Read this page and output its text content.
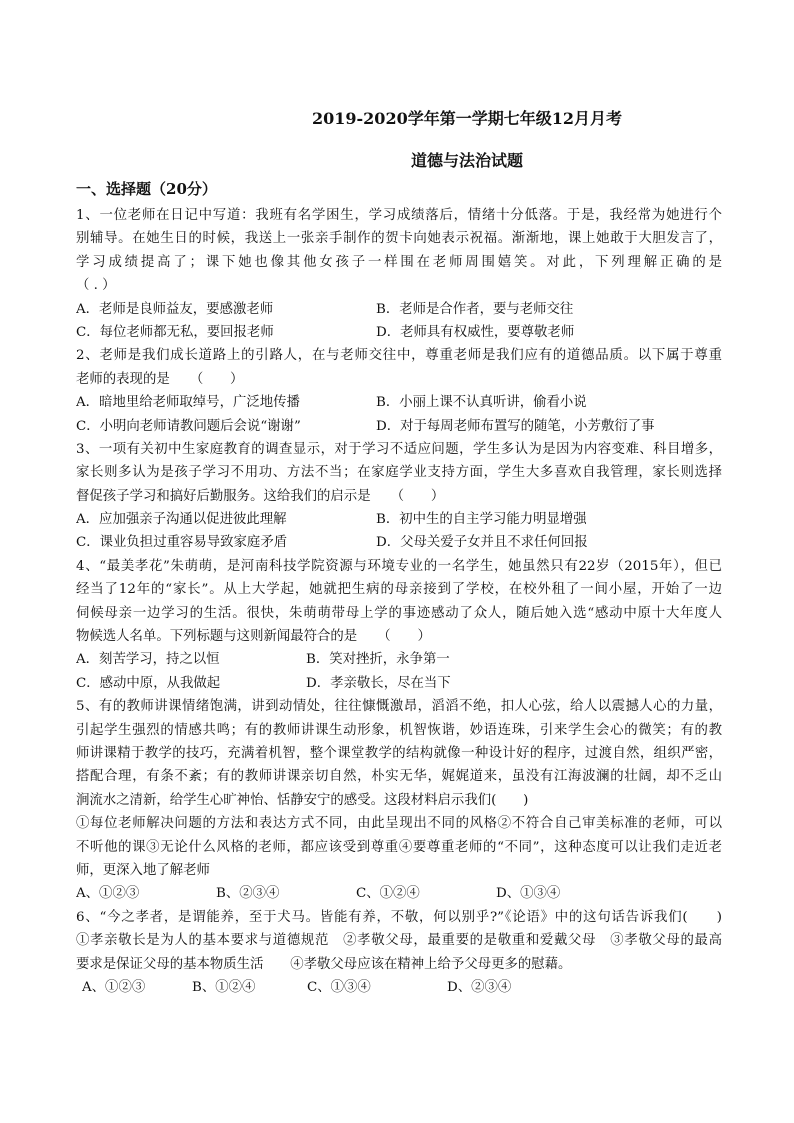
2019-2020学年第一学期七年级12月月考
道德与法治试题
一、选择题（20分）
1、一位老师在日记中写道：我班有名学困生，学习成绩落后，情绪十分低落。于是，我经常为她进行个
别辅导。在她生日的时候，我送上一张亲手制作的贺卡向她表示祝福。渐渐地，课上她敢于大胆发言了，
学习成绩提高了；课下她也像其他女孩子一样围在老师周围嬉笑。对此，下列理解正确的是
（ . ）
A．老师是良师益友，要感激老师	B．老师是合作者，要与老师交往
C．每位老师都无私，要回报老师	D．老师具有权威性，要尊敬老师
2、老师是我们成长道路上的引路人，在与老师交往中，尊重老师是我们应有的道德品质。以下属于尊重
老师的表现的是　　（　　）
A．暗地里给老师取绰号，广泛地传播	B．小丽上课不认真听讲，偷看小说
C．小明向老师请教问题后会说“谢谢”	D．对于每周老师布置写的随笔，小芳敷衍了事
3、一项有关初中生家庭教育的调查显示，对于学习不适应问题，学生多认为是因为内容变难、科目增多，
家长则多认为是孩子学习不用功、方法不当；在家庭学业支持方面，学生大多喜欢自我管理，家长则选择
督促孩子学习和搞好后勤服务。这给我们的启示是　　（　　）
A．应加强亲子沟通以促进彼此理解	B．初中生的自主学习能力明显增强
C．课业负担过重容易导致家庭矛盾	D．父母关爱子女并且不求任何回报
4、“最美孝花”朱萌萌，是河南科技学院资源与环境专业的一名学生，她虽然只有22岁（2015年），但已
经当了12年的“家长”。从上大学起，她就把生病的母亲接到了学校，在校外租了一间小屋，开始了一边
伺候母亲一边学习的生活。很快，朱萌萌带母上学的事迹感动了众人，随后她入选“感动中原十大年度人
物候选人名单。下列标题与这则新闻最符合的是　　（　　）
A．刻苦学习，持之以恒	B．笑对挫折，永争第一
C．感动中原，从我做起	D．孝亲敬长，尽在当下
5、有的教师讲课情绪饱满，讲到动情处，往往慷慨激昂，滔滔不绝，扣人心弦，给人以震撼人心的力量，
引起学生强烈的情感共鸣；有的教师讲课生动形象，机智恢谐，妙语连珠，引来学生会心的微笑；有的教
师讲课精于教学的技巧，充满着机智，整个课堂教学的结构就像一种设计好的程序，过渡自然，组织严密，
搭配合理，有条不紊；有的教师讲课亲切自然，朴实无华，娓娓道来，虽没有江海波澜的壮阔，却不乏山
涧流水之清新，给学生心旷神怡、恬静安宁的感受。这段材料启示我们(　　)
①每位老师解决问题的方法和表达方式不同，由此呈现出不同的风格②不符合自己审美标准的老师，可以
不听他的课③无论什么风格的老师，都应该受到尊重④要尊重老师的“不同”，这种态度可以让我们走近老
师，更深入地了解老师
A、①②③	B、②③④	C、①②④	D、①③④
6、“今之孝者，是谓能养，至于犬马。皆能有养，不敬，何以别乎?”《论语》中的这句话告诉我们(　　)
①孝亲敬长是为人的基本要求与道德规范　②孝敬父母，最重要的是敬重和爱戴父母　③孝敬父母的最高
要求是保证父母的基本物质生活　　④孝敬父母应该在精神上给予父母更多的慰藉。
A、①②③	B、①②④	C、①③④	D、②③④
